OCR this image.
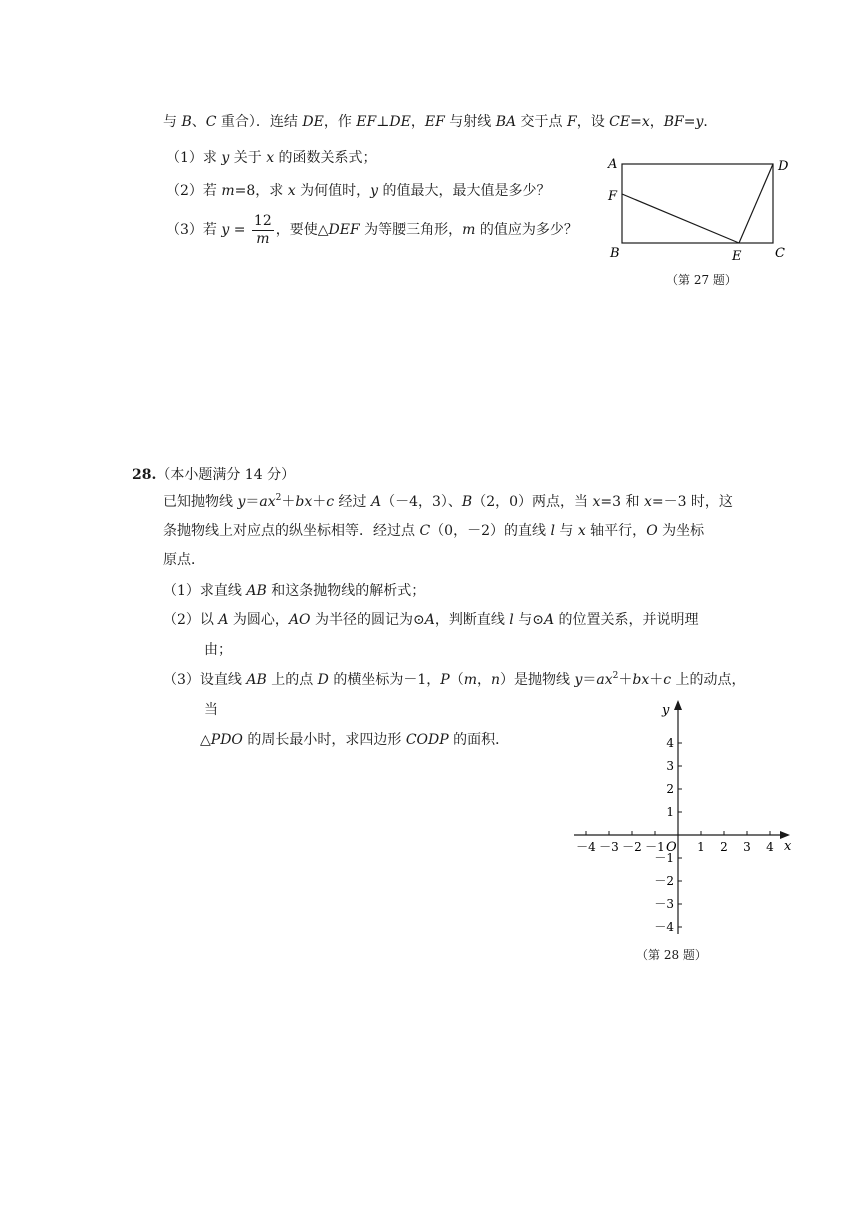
与 B、C 重合）．连结 DE，作 EF⊥DE，EF 与射线 BA 交于点 F，设 CE=x，BF=y．
（1）求 y 关于 x 的函数关系式；
（2）若 m=8，求 x 为何值时，y 的值最大，最大值是多少？
（3）若 $y = \frac{12}{m}$ ，要使△DEF 为等腰三角形，m 的值应为多少？
A	D
F
B	E	C
（第 27 题）
28.（本小题满分 14 分）
已知抛物线 $y=ax^2+bx+c$ 经过 A（－4，3）、B（2，0）两点，当 x=3 和 x=－3 时，这
条抛物线上对应点的纵坐标相等．经过点 C（0，－2）的直线 l 与 x 轴平行，O 为坐标
原点．
（1）求直线 AB 和这条抛物线的解析式；
（2）以 A 为圆心，AO 为半径的圆记为⊙A，判断直线 l 与⊙A 的位置关系，并说明理
由；
（3）设直线 AB 上的点 D 的横坐标为－1，P（m，n）是抛物线 $y=ax^2+bx+c$ 上的动点，
当
△PDO 的周长最小时，求四边形 CODP 的面积．
－4 －3 －2 －1	1 2 3 4
4
3
2
1
－1
－2
－3
－4
y
x
O
（第 28 题）
